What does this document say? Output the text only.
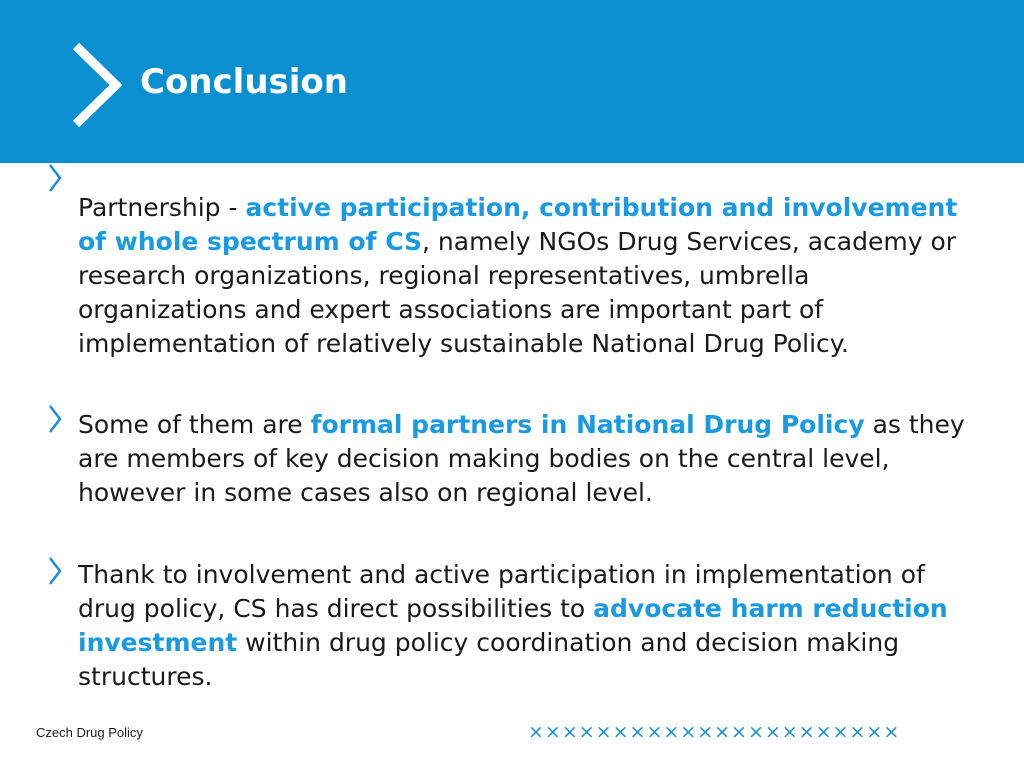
Conclusion
Partnership - active participation, contribution and involvement of whole spectrum of CS, namely NGOs Drug Services, academy or research organizations, regional representatives, umbrella organizations and expert associations are important part of implementation of relatively sustainable National Drug Policy.
Some of them are formal partners in National Drug Policy as they are members of key decision making bodies on the central level, however in some cases also on regional level.
Thank to involvement and active participation in implementation of drug policy, CS has direct possibilities to advocate harm reduction investment within drug policy coordination and decision making structures.
Czech Drug Policy	××××××××××××××××××××××
